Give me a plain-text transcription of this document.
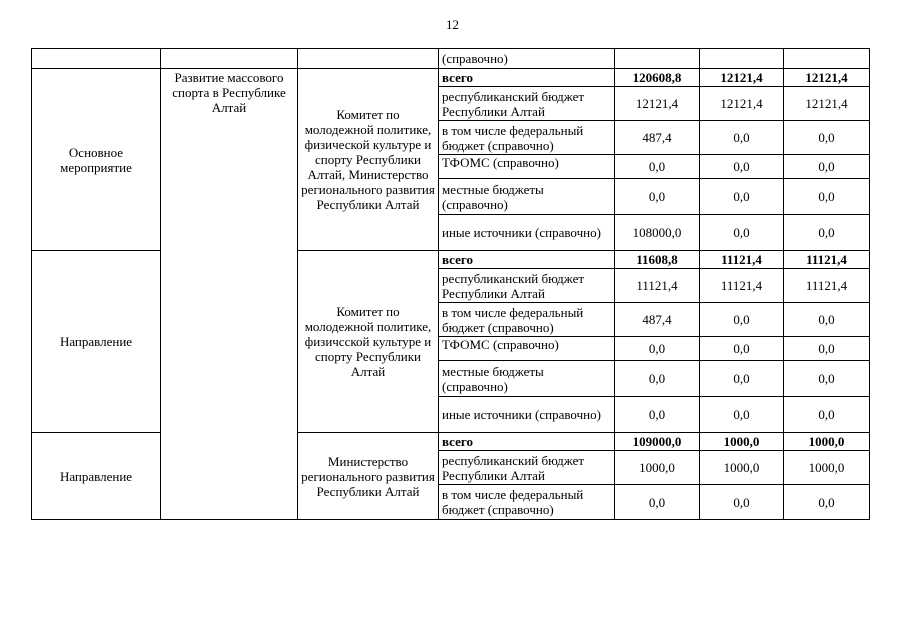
12
			(справочно)			
Основное мероприятие	Развитие массового спорта в Республике Алтай	Комитет по молодежной политике, физической культуре и спорту Республики Алтай, Министерство регионального развития Республики Алтай	всего	120608,8	12121,4	12121,4
			республиканский бюджет Республики Алтай	12121,4	12121,4	12121,4
			в том числе федеральный бюджет (справочно)	487,4	0,0	0,0
			ТФОМС (справочно)	0,0	0,0	0,0
			местные бюджеты (справочно)	0,0	0,0	0,0
			иные источники (справочно)	108000,0	0,0	0,0
Направление		Комитет по молодежной политике, физичсской культуре и спорту Республики Алтай	всего	11608,8	11121,4	11121,4
			республиканский бюджет Республики Алтай	11121,4	11121,4	11121,4
			в том числе федеральный бюджет (справочно)	487,4	0,0	0,0
			ТФОМС (справочно)	0,0	0,0	0,0
			местные бюджеты (справочно)	0,0	0,0	0,0
			иные источники (справочно)	0,0	0,0	0,0
Направление		Министерство регионального развития Республики Алтай	всего	109000,0	1000,0	1000,0
			республиканский бюджет Республики Алтай	1000,0	1000,0	1000,0
			в том числе федеральный бюджет (справочно)	0,0	0,0	0,0
